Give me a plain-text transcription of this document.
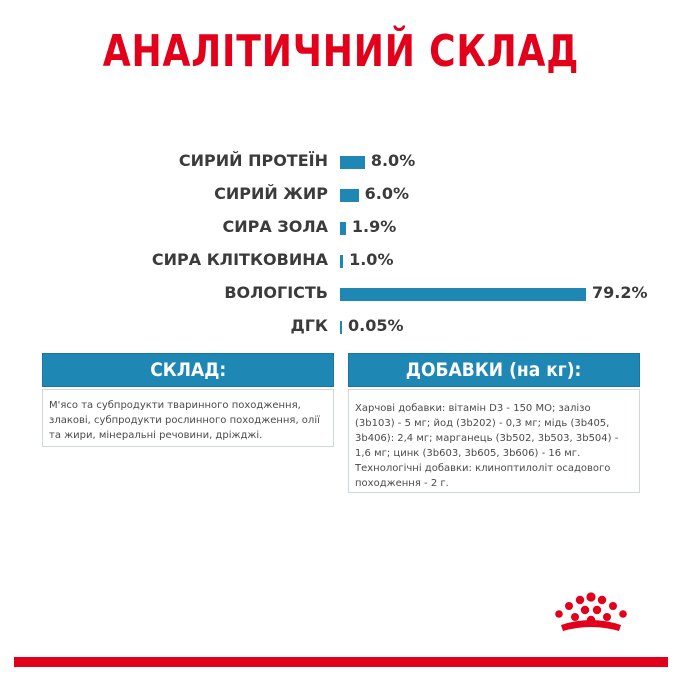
АНАЛІТИЧНИЙ СКЛАД
СИРИЙ ПРОТЕЇН	8.0%
СИРИЙ ЖИР 6.0%
СИРА ЗОЛА 1.9%
СИРА КЛІТКОВИНА 1.0%
ВОЛОГІСТЬ	79.2%
ДГК 0.05%
СКЛАД:
М'ясо та субпродукти тваринного походження, злакові, субпродукти рослинного походження, олії та жири, мінеральні речовини, дріжджі.
ДОБАВКИ (на кг):
Харчові добавки: вітамін D3 - 150 МО; залізо (3b103) - 5 мг; йод (3b202) - 0,3 мг; мідь (3b405, 3b406): 2,4 мг; марганець (3b502, 3b503, 3b504) - 1,6 мг; цинк (3b603, 3b605, 3b606) - 16 мг. Технологічні добавки: клиноптилоліт осадового походження - 2 г.
